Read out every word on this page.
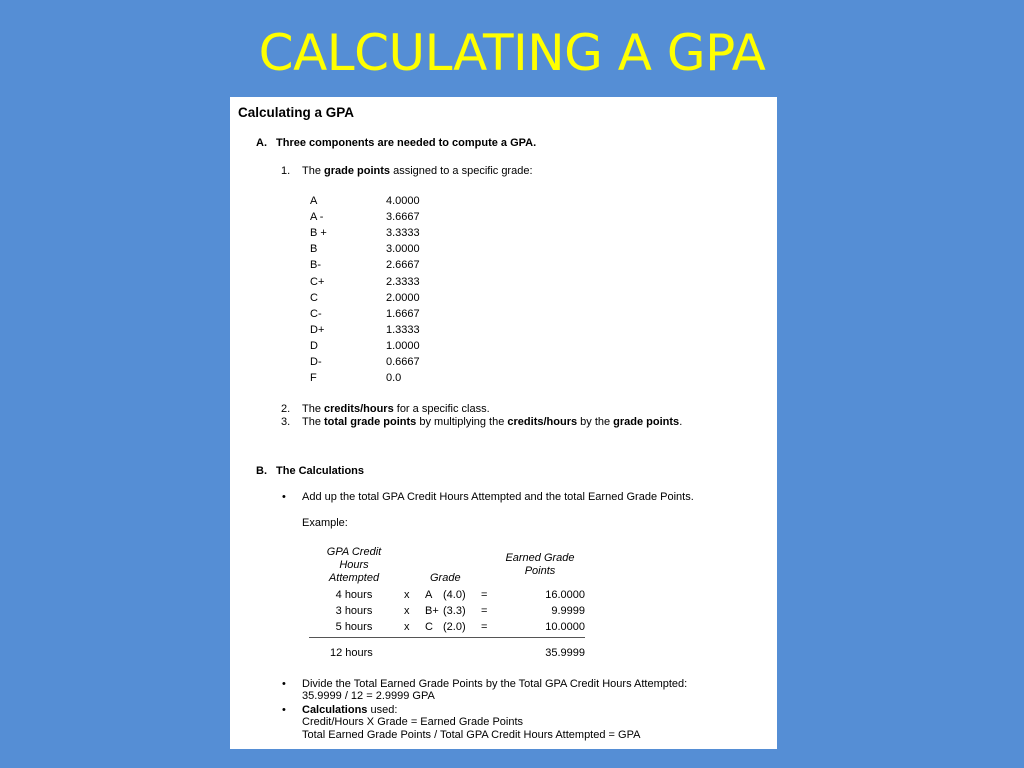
CALCULATING A GPA
Calculating a GPA
A. Three components are needed to compute a GPA.
1. The grade points assigned to a specific grade:
A	4.0000
A -	3.6667
B +	3.3333
B	3.0000
B-	2.6667
C+	2.3333
C	2.0000
C-	1.6667
D+	1.3333
D	1.0000
D-	0.6667
F	0.0
2. The credits/hours for a specific class.
3. The total grade points by multiplying the credits/hours by the grade points.
B. The Calculations
• Add up the total GPA Credit Hours Attempted and the total Earned Grade Points.
Example:
GPA Credit
Hours
Attempted	Grade
Earned Grade
Points
4 hours	x A (4.0) =	16.0000
3 hours	x B+ (3.3) =	9.9999
5 hours	x C (2.0) =	10.0000
12 hours	35.9999
• Divide the Total Earned Grade Points by the Total GPA Credit Hours Attempted:
35.9999 / 12 = 2.9999 GPA
• Calculations used:
Credit/Hours X Grade = Earned Grade Points
Total Earned Grade Points / Total GPA Credit Hours Attempted = GPA
